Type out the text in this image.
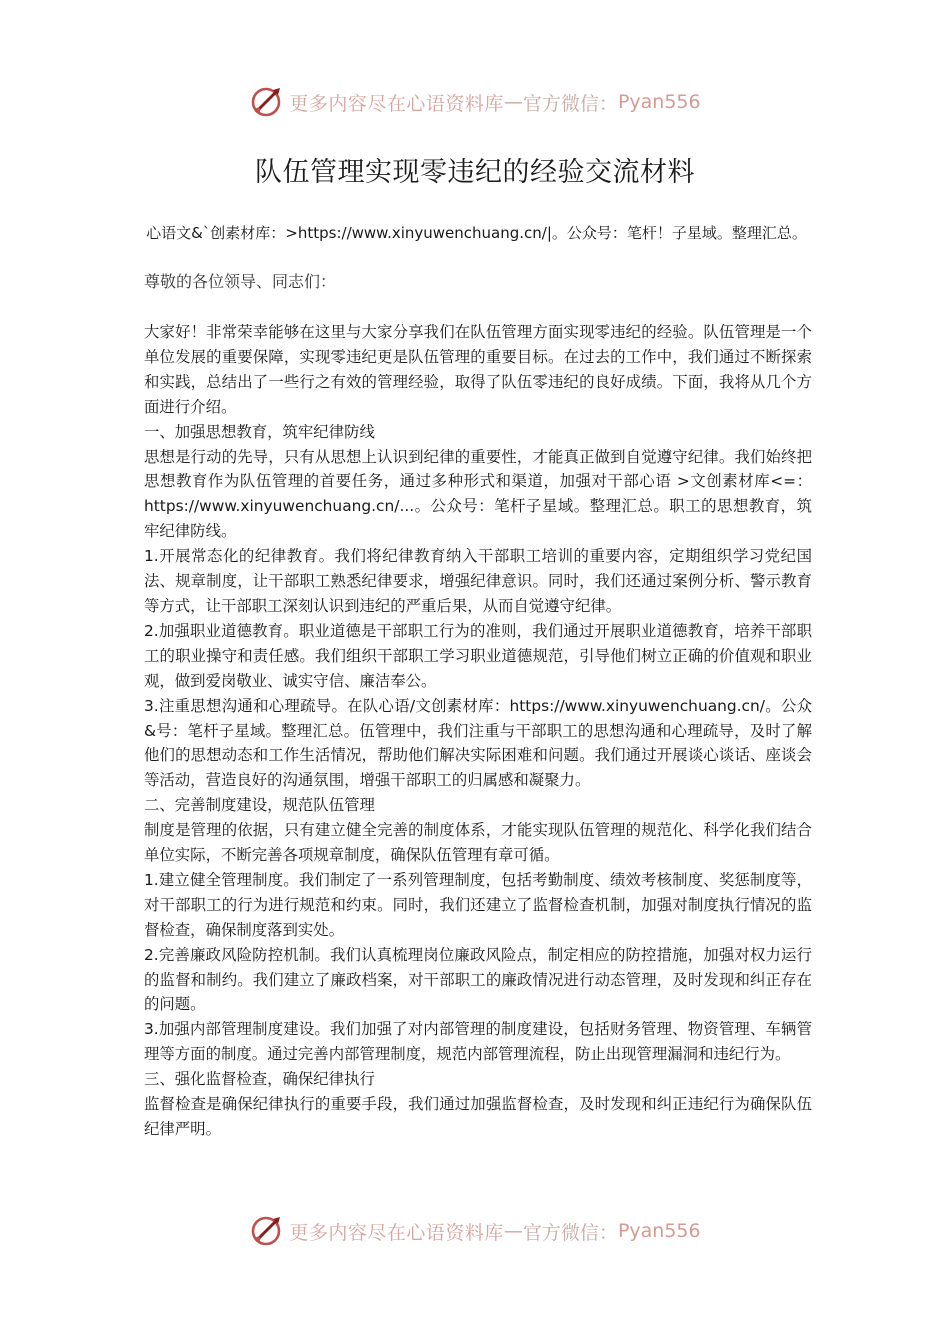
更多内容尽在心语资料库 — 官方微信： Pyan556
队伍管理实现零违纪的经验交流材料
心语文&`创素材库：>https://www.xinyuwenchuang.cn/|。公众号：笔杆！子星域。整理汇总。
尊敬的各位领导、同志们：

大家好！非常荣幸能够在这里与大家分享我们在队伍管理方面实现零违纪的经验。队伍管理是一个单位发展的重要保障，实现零违纪更是队伍管理的重要目标。在过去的工作中，我们通过不断探索和实践，总结出了一些行之有效的管理经验，取得了队伍零违纪的良好成绩。下面，我将从几个方面进行介绍。

一、加强思想教育，筑牢纪律防线

思想是行动的先导，只有从思想上认识到纪律的重要性，才能真正做到自觉遵守纪律。我们始终把思想教育作为队伍管理的首要任务，通过多种形式和渠道，加强对干部心语 >文创素材库<=：https://www.xinyuwenchuang.cn/...。公众号：笔杆子星域。整理汇总。职工的思想教育，筑牢纪律防线。

1.开展常态化的纪律教育。我们将纪律教育纳入干部职工培训的重要内容，定期组织学习党纪国法、规章制度，让干部职工熟悉纪律要求，增强纪律意识。同时，我们还通过案例分析、警示教育等方式，让干部职工深刻认识到违纪的严重后果，从而自觉遵守纪律。

2.加强职业道德教育。职业道德是干部职工行为的准则，我们通过开展职业道德教育，培养干部职工的职业操守和责任感。我们组织干部职工学习职业道德规范，引导他们树立正确的价值观和职业观，做到爱岗敬业、诚实守信、廉洁奉公。

3.注重思想沟通和心理疏导。在队心语/文创素材库：https://www.xinyuwenchuang.cn/。公众&号：笔杆子星域。整理汇总。伍管理中，我们注重与干部职工的思想沟通和心理疏导，及时了解他们的思想动态和工作生活情况，帮助他们解决实际困难和问题。我们通过开展谈心谈话、座谈会等活动，营造良好的沟通氛围，增强干部职工的归属感和凝聚力。

二、完善制度建设，规范队伍管理

制度是管理的依据，只有建立健全完善的制度体系，才能实现队伍管理的规范化、科学化我们结合单位实际，不断完善各项规章制度，确保队伍管理有章可循。

1.建立健全管理制度。我们制定了一系列管理制度，包括考勤制度、绩效考核制度、奖惩制度等，对干部职工的行为进行规范和约束。同时，我们还建立了监督检查机制，加强对制度执行情况的监督检查，确保制度落到实处。

2.完善廉政风险防控机制。我们认真梳理岗位廉政风险点，制定相应的防控措施，加强对权力运行的监督和制约。我们建立了廉政档案，对干部职工的廉政情况进行动态管理，及时发现和纠正存在的问题。

3.加强内部管理制度建设。我们加强了对内部管理的制度建设，包括财务管理、物资管理、车辆管理等方面的制度。通过完善内部管理制度，规范内部管理流程，防止出现管理漏洞和违纪行为。

三、强化监督检查，确保纪律执行

监督检查是确保纪律执行的重要手段，我们通过加强监督检查，及时发现和纠正违纪行为确保队伍纪律严明。

更多内容尽在心语资料库 — 官方微信： Pyan556
